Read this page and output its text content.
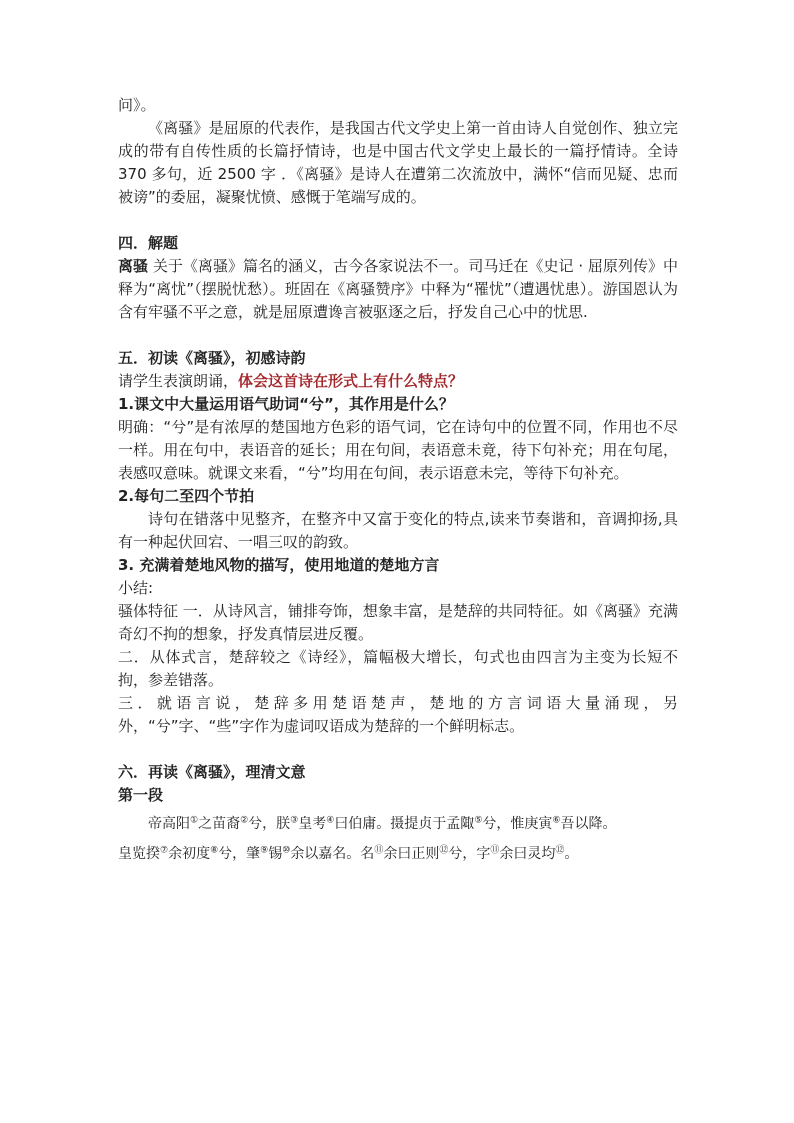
问》。

《离骚》是屈原的代表作，是我国古代文学史上第一首由诗人自觉创作、独立完成的带有自传性质的长篇抒情诗，也是中国古代文学史上最长的一篇抒情诗。全诗 370 多句，近 2500 字 ．《离骚》是诗人在遭第二次流放中，满怀“信而见疑、忠而被谤”的委屈，凝聚忧愤、感慨于笔端写成的。

四．解题

离骚 关于《离骚》篇名的涵义，古今各家说法不一。司马迁在《史记 · 屈原列传》中释为“离忧”（摆脱忧愁）。班固在《离骚赞序》中释为“罹忧”（遭遇忧患）。游国恩认为含有牢骚不平之意，就是屈原遭谗言被驱逐之后，抒发自己心中的忧思.

五．初读《离骚》，初感诗韵

请学生表演朗诵，体会这首诗在形式上有什么特点？

1.课文中大量运用语气助词“兮”，其作用是什么？

明确：“兮”是有浓厚的楚国地方色彩的语气词，它在诗句中的位置不同，作用也不尽一样。用在句中，表语音的延长；用在句间，表语意未竟，待下句补充；用在句尾，表感叹意味。就课文来看，“兮”均用在句间，表示语意未完，等待下句补充。

2.每句二至四个节拍

诗句在错落中见整齐，在整齐中又富于变化的特点,读来节奏谐和，音调抑扬,具有一种起伏回宕、一唱三叹的韵致。

3. 充满着楚地风物的描写，使用地道的楚地方言

小结:

骚体特征 一．从诗风言，铺排夸饰，想象丰富，是楚辞的共同特征。如《离骚》充满奇幻不拘的想象，抒发真情层进反覆。

二．从体式言，楚辞较之《诗经》，篇幅极大增长，句式也由四言为主变为长短不拘，参差错落。

三．就语言说，楚辞多用楚语楚声，楚地的方言词语大量涌现，另外，“兮”字、“些”字作为虚词叹语成为楚辞的一个鲜明标志。

六．再读《离骚》，理清文意

第一段

帝高阳①之苗裔②兮，朕③皇考④曰伯庸。摄提贞于孟陬⑤兮，惟庚寅⑥吾以降。
皇览揆⑦余初度⑧兮，肇⑨锡⑩余以嘉名。名⑪余曰正则⑫兮，字⑪余曰灵均⑫。
